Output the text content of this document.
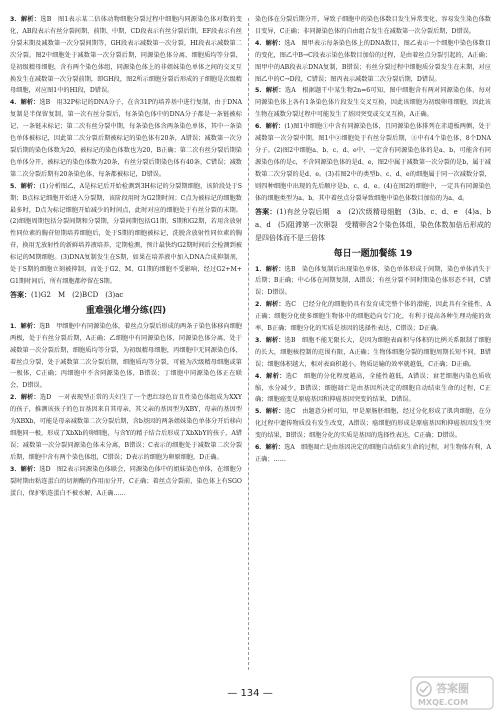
3．解析：选B　图1表示某二倍体动物细胞分裂过程中细胞内同源染色体对数的变化，AB段表示有丝分裂间期、前期、中期，CD段表示有丝分裂后期，EF段表示有丝分裂末期及减数第一次分裂间期等，GH段表示减数第一次分裂，HI段表示减数第二次分裂。图2中细胞处于减数第一次分裂后期，同源染色体分离，细胞质均等分裂，是初级精母细胞，含有两个染色体组，同源染色体上的非姐妹染色单体之间的交叉互换发生在减数第一次分裂前期，即GH段，图2所示细胞分裂后形成的子细胞是次级精母细胞，对应图1中的HI段，D错误。

4．解析：选B　用32P标记的DNA分子，在含31P的培养基中进行复制，由于DNA复制是半保留复制，第一次有丝分裂后，每条染色体中的DNA分子都是一条链被标记、一条链未标记；第二次有丝分裂中期，每条染色体含两条染色单体，其中一条染色单体被标记，因此第二次分裂后期被标记的染色体有20条，A错误；减数第一次分裂后期的染色体数为20，被标记的染色体数也为20，B正确；第二次有丝分裂后期染色单体分开，被标记的染色体数为20条，有丝分裂后期染色体有40条，C错误；减数第二次分裂后期有20条染色体，每条都被标记，D错误。

5．解析：(1)分析图乙，A是标记后开始检测到3H标记的分裂期细胞，该阶段处于S期；B点标记细胞开始进入分裂期，该阶段用时为G2期时间；C点为被标记的细胞数最多时，D点为标记细胞开始减少的时间点，此时对应的细胞处于有丝分裂的末期。(2)细胞周期包括分裂间期和分裂期，分裂间期包括G1期、S期和G2期，若用含放射性同位素的胸苷短期培养细胞后，处于S期的细胞被标记，洗脱含放射性同位素的胸苷，换用无放射性的新鲜培养液培养，定期检测，预计最快约G2期时间后会检测到被标记的M期细胞。(3)DNA复制发生在S期，如果在培养液中加入DNA合成抑制剂，处于S期的细胞立刻被抑制，而处于G2、M、G1期的细胞不受影响，经过G2+M+G1期时间后，所有细胞都停留在S期。

答案：(1)G2　M　(2)BCD　(3)ac

重难强化增分练(四)

1．解析：选B　甲细胞中有同源染色体，着丝点分裂后形成的两条子染色体移向细胞两极，处于有丝分裂后期，A正确；乙细胞中有同源染色体，同源染色体分离，处于减数第一次分裂后期，细胞质均等分裂，为初级精母细胞，丙细胞中无同源染色体，着丝点分裂，处于减数第二次分裂后期，细胞质均等分裂，可能为次级精母细胞或第一极体，C正确；丙细胞中不含同源染色体，B错误；丁细胞中同源染色体正在联会，D错误。

2．解析：选D　一对表现型正常的夫妇生了一个患红绿色盲且性染色体组成为XXY的孩子，推测该孩子的色盲基因来自其母亲，其父亲的基因型为XBY，母亲的基因型为XBXb，可能是母亲减数第二次分裂后期，含b基因的两条姐妹染色单体分开后移向细胞同一极，形成了XbXb的卵细胞，与含Y的精子结合后形成了XbXbY的孩子，A错误；减数第一次分裂同源染色体未分离，B错误；C表示的细胞处于减数第二次分裂后期，细胞中含有两个染色体组，C错误；D表示的细胞为卵原细胞，D正确。

3．解析：选D　图2表示同源染色体联会，同源染色体中的姐妹染色单体，在细胞分裂时期由粘连蛋白的切割酶的作用而分开，C正确；着丝点分裂前，染色体上有SGO蛋白，保护粘连蛋白不被水解，A正确……

染色体在分裂后期分开，导致子细胞中的染色体数目发生异常变化，容易发生染色体数目变异，C正确；非同源染色体的自由组合发生在减数第一次分裂后期，D错误。

4．解析：选A　图甲表示每条染色体上的DNA数目，图乙表示一个细胞中染色体数目的变化，图乙中B→C段表示染色体数目加倍的过程，是由着丝点分裂引起的，A正确；图甲中的AB段表示DNA复制，B错误；有丝分裂过程中细胞质分裂发生在末期，对应图乙中的C→D段，C错误；图丙表示减数第二次分裂后期，D错误。

5．解析：选A　根据题干中某生物2n=6可知，图中细胞含有两对同源染色体，每对同源染色体上各有1条染色体片段发生交叉互换，因此该细胞为初级卵母细胞，因此该生物在减数分裂过程中可能发生了基因突变或交叉互换，A正确。

6．解析：(1)图1中细胞①中含有同源染色体，且同源染色体排列在赤道板两侧，处于减数第一次分裂中期，图1中②细胞处于有丝分裂后期，③中有4个染色体，8个DNA分子。(2)图2中细胞a、b、c、d、e中，一定含有同源染色体的是a、b，可能含有同源染色体的是c，不含同源染色体的是d、e，图2中属于减数第一次分裂的是b，属于减数第二次分裂的是d、e。(3)若图2中的类型b、c、d、e的细胞属于同一次减数分裂，则四种细胞中出现的先后顺序是b、c、d、e。(4)在图2的细胞中，一定具有同源染色体的细胞类型为a、b，其中着丝点分裂导致细胞中染色体数目加倍的为a、d。

答案：(1)有丝分裂后期　a　(2)次级精母细胞　(3)b、c、d、e　(4)a、b　a、d　(5)阻滞第一次卵裂　受精卵含2个染色体组，染色体数加倍后形成的是四倍体而不是三倍体

每日一题加餐练 19

1．解析：选B　染色体复制后出现染色单体，染色单体形成于间期，染色单体消失于后期；B正确；中心体在间期复制，A错误；有丝分裂不同时期染色体形态不同，C错误；D错误。

2．解析：选C　已经分化的细胞仍具有发育成完整个体的潜能，因此具有全能性，A正确；细胞分化使多细胞生物体中的细胞趋向专门化，有利于提高各种生理功能的效率，B正确；细胞分化的实质是基因的选择性表达，C错误；D正确。

3．解析：选B　细胞不能无限长大，是因为细胞表面积与体积的比例关系限制了细胞的长大，细胞核控制的范围有限，A正确；生物体细胞分裂的细胞周期长短不同，B错误；细胞体积越大，相对表面积越小，物质运输的效率就越低，C正确；D正确。

4．解析：选C　细胞的分化程度越高，全能性越低，A错误；衰老细胞内染色质收缩，水分减少，B错误；细胞凋亡是由基因所决定的细胞自动结束生命的过程，C正确；细胞癌变是原癌基因和抑癌基因突变的结果，D错误。

5．解析：选C　由题意分析可知，甲是原肠胚细胞，经过分化形成了肌肉细胞，在分化过程中遗传物质没有发生改变，A错误；癌细胞的形成是原癌基因和抑癌基因发生突变的结果，B错误；细胞分化的实质是基因的选择性表达，C正确；D错误。

6．解析：选A　细胞凋亡是由基因决定的细胞自动结束生命的过程，对生物体有利，A正确；……

— 134 —	答案圈
MXQE.COM
